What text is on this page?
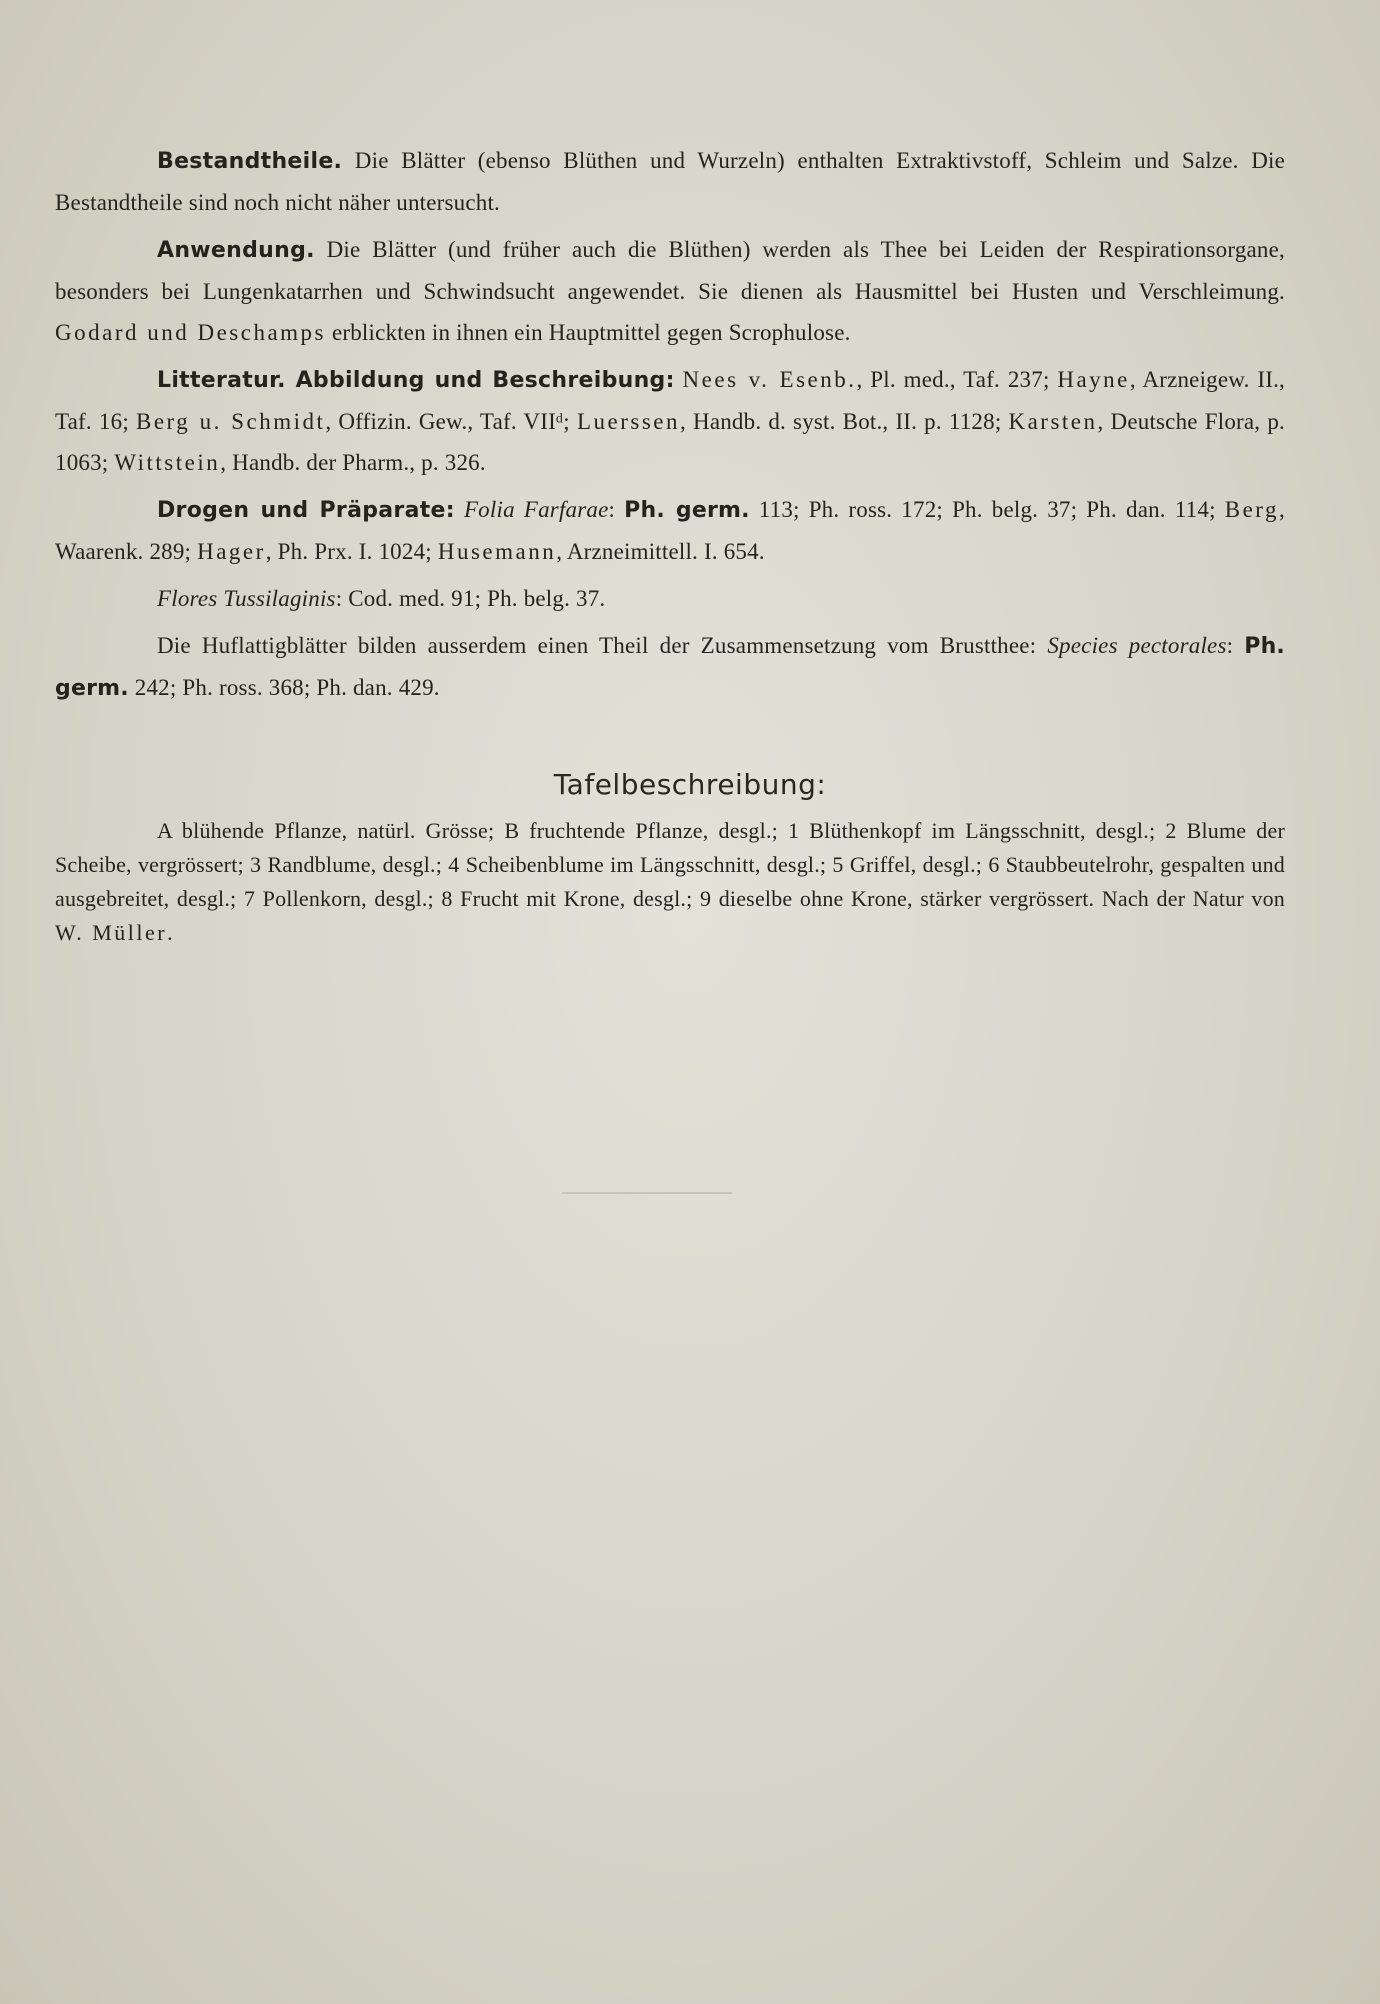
Bestandtheile. Die Blätter (ebenso Blüthen und Wurzeln) enthalten Extraktivstoff, Schleim und Salze. Die Bestandtheile sind noch nicht näher untersucht.

Anwendung. Die Blätter (und früher auch die Blüthen) werden als Thee bei Leiden der Respirationsorgane, besonders bei Lungenkatarrhen und Schwindsucht angewendet. Sie dienen als Hausmittel bei Husten und Verschleimung. Godard und Deschamps erblickten in ihnen ein Hauptmittel gegen Scrophulose.

Litteratur. Abbildung und Beschreibung: Nees v. Esenb., Pl. med., Taf. 237; Hayne, Arzneigew. II., Taf. 16; Berg u. Schmidt, Offizin. Gew., Taf. VIIᵈ; Luerssen, Handb. d. syst. Bot., II. p. 1128; Karsten, Deutsche Flora, p. 1063; Wittstein, Handb. der Pharm., p. 326.

Drogen und Präparate: Folia Farfarae: Ph. germ. 113; Ph. ross. 172; Ph. belg. 37; Ph. dan. 114; Berg, Waarenk. 289; Hager, Ph. Prx. I. 1024; Husemann, Arzneimittell. I. 654.

Flores Tussilaginis: Cod. med. 91; Ph. belg. 37.

Die Huflattigblätter bilden ausserdem einen Theil der Zusammensetzung vom Brustthee: Species pectorales: Ph. germ. 242; Ph. ross. 368; Ph. dan. 429.

Tafelbeschreibung:

A blühende Pflanze, natürl. Grösse; B fruchtende Pflanze, desgl.; 1 Blüthenkopf im Längsschnitt, desgl.; 2 Blume der Scheibe, vergrössert; 3 Randblume, desgl.; 4 Scheibenblume im Längsschnitt, desgl.; 5 Griffel, desgl.; 6 Staubbeutelrohr, gespalten und ausgebreitet, desgl.; 7 Pollenkorn, desgl.; 8 Frucht mit Krone, desgl.; 9 dieselbe ohne Krone, stärker vergrössert. Nach der Natur von W. Müller.
